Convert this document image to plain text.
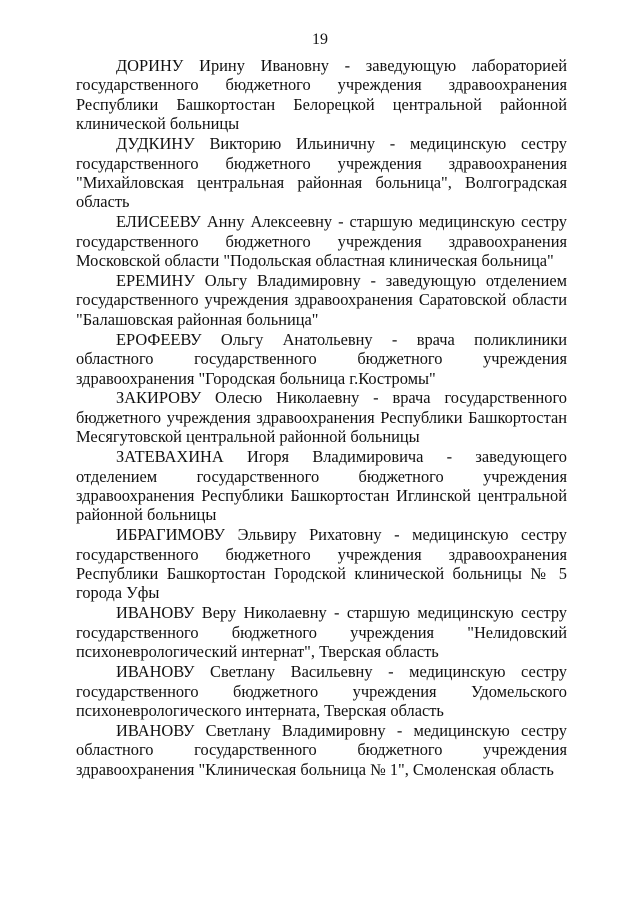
19

ДОРИНУ Ирину Ивановну - заведующую лабораторией государственного бюджетного учреждения здравоохранения Республики Башкортостан Белорецкой центральной районной клинической больницы

ДУДКИНУ Викторию Ильиничну - медицинскую сестру государственного бюджетного учреждения здравоохранения "Михайловская центральная районная больница", Волгоградская область

ЕЛИСЕЕВУ Анну Алексеевну - старшую медицинскую сестру государственного бюджетного учреждения здравоохранения Московской области "Подольская областная клиническая больница"

ЕРЕМИНУ Ольгу Владимировну - заведующую отделением государственного учреждения здравоохранения Саратовской области "Балашовская районная больница"

ЕРОФЕЕВУ Ольгу Анатольевну - врача поликлиники областного государственного бюджетного учреждения здравоохранения "Городская больница г.Костромы"

ЗАКИРОВУ Олесю Николаевну - врача государственного бюджетного учреждения здравоохранения Республики Башкортостан Месягутовской центральной районной больницы

ЗАТЕВАХИНА Игоря Владимировича - заведующего отделением государственного бюджетного учреждения здравоохранения Республики Башкортостан Иглинской центральной районной больницы

ИБРАГИМОВУ Эльвиру Рихатовну - медицинскую сестру государственного бюджетного учреждения здравоохранения Республики Башкортостан Городской клинической больницы № 5 города Уфы

ИВАНОВУ Веру Николаевну - старшую медицинскую сестру государственного бюджетного учреждения "Нелидовский психоневрологический интернат", Тверская область

ИВАНОВУ Светлану Васильевну - медицинскую сестру государственного бюджетного учреждения Удомельского психоневрологического интерната, Тверская область

ИВАНОВУ Светлану Владимировну - медицинскую сестру областного государственного бюджетного учреждения здравоохранения "Клиническая больница № 1", Смоленская область
